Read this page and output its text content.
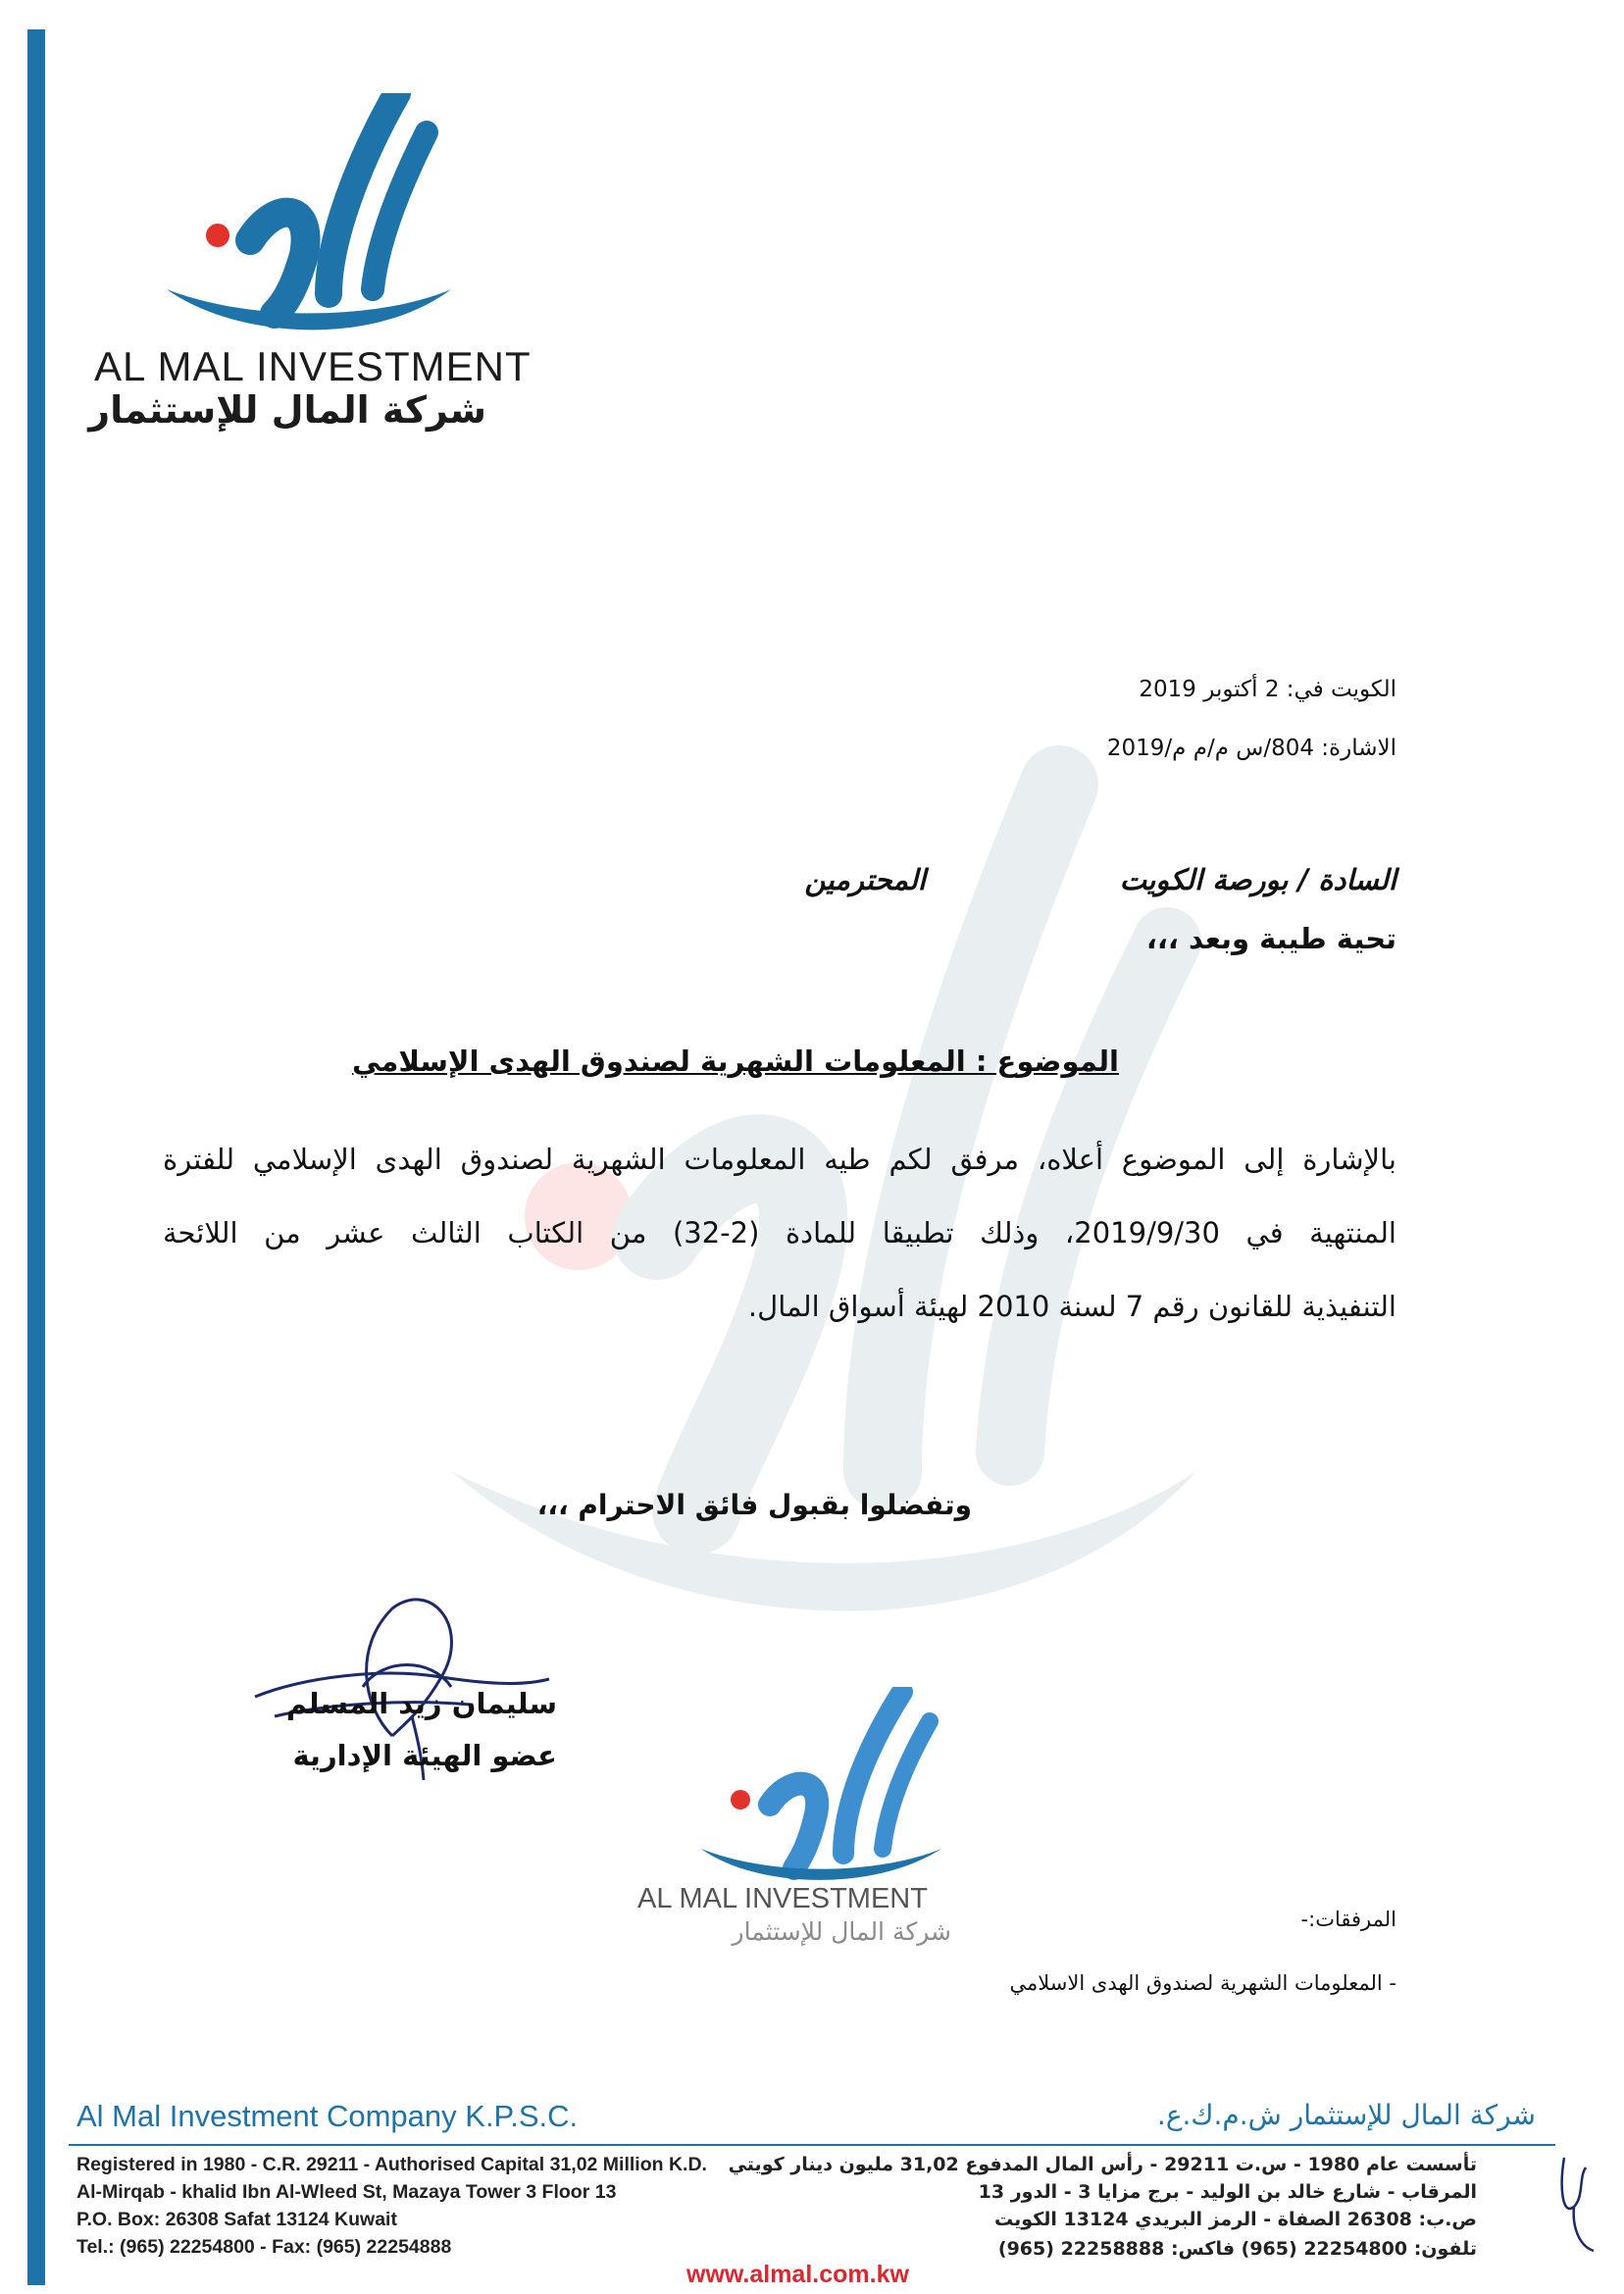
AL MAL INVESTMENT
شركة المال للإستثمار
الكويت في: 2 أكتوبر 2019
الاشارة: 804/س م/م م/2019
السادة / بورصة الكويت
المحترمين
تحية طيبة وبعد ،،،
الموضوع : المعلومات الشهرية لصندوق الهدى الإسلامي
بالإشارة إلى الموضوع أعلاه، مرفق لكم طيه المعلومات الشهرية لصندوق الهدى الإسلامي للفترة
المنتهية في 2019/9/30، وذلك تطبيقا للمادة (2-32) من الكتاب الثالث عشر من اللائحة
التنفيذية للقانون رقم 7 لسنة 2010 لهيئة أسواق المال.
وتفضلوا بقبول فائق الاحترام ،،،
سليمان زيد المسلم
عضو الهيئة الإدارية
AL MAL INVESTMENT
شركة المال للإستثمار	المرفقات:-
- المعلومات الشهرية لصندوق الهدى الاسلامي
Al Mal Investment Company K.P.S.C.	شركة المال للإستثمار ش.م.ك.ع.
Registered in 1980 - C.R. 29211 - Authorised Capital 31,02 Million K.D.
Al-Mirqab - khalid Ibn Al-Wleed St, Mazaya Tower 3 Floor 13
P.O. Box: 26308 Safat 13124 Kuwait
Tel.: (965) 22254800 - Fax: (965) 22254888
تأسست عام 1980 - س.ت 29211 - رأس المال المدفوع 31,02 مليون دينار كويتي
المرقاب - شارع خالد بن الوليد - برج مزايا 3 - الدور 13
ص.ب: 26308 الصفاة - الرمز البريدي 13124 الكويت
تلفون: 22254800 (965) فاكس: 22258888 (965)
www.almal.com.kw
